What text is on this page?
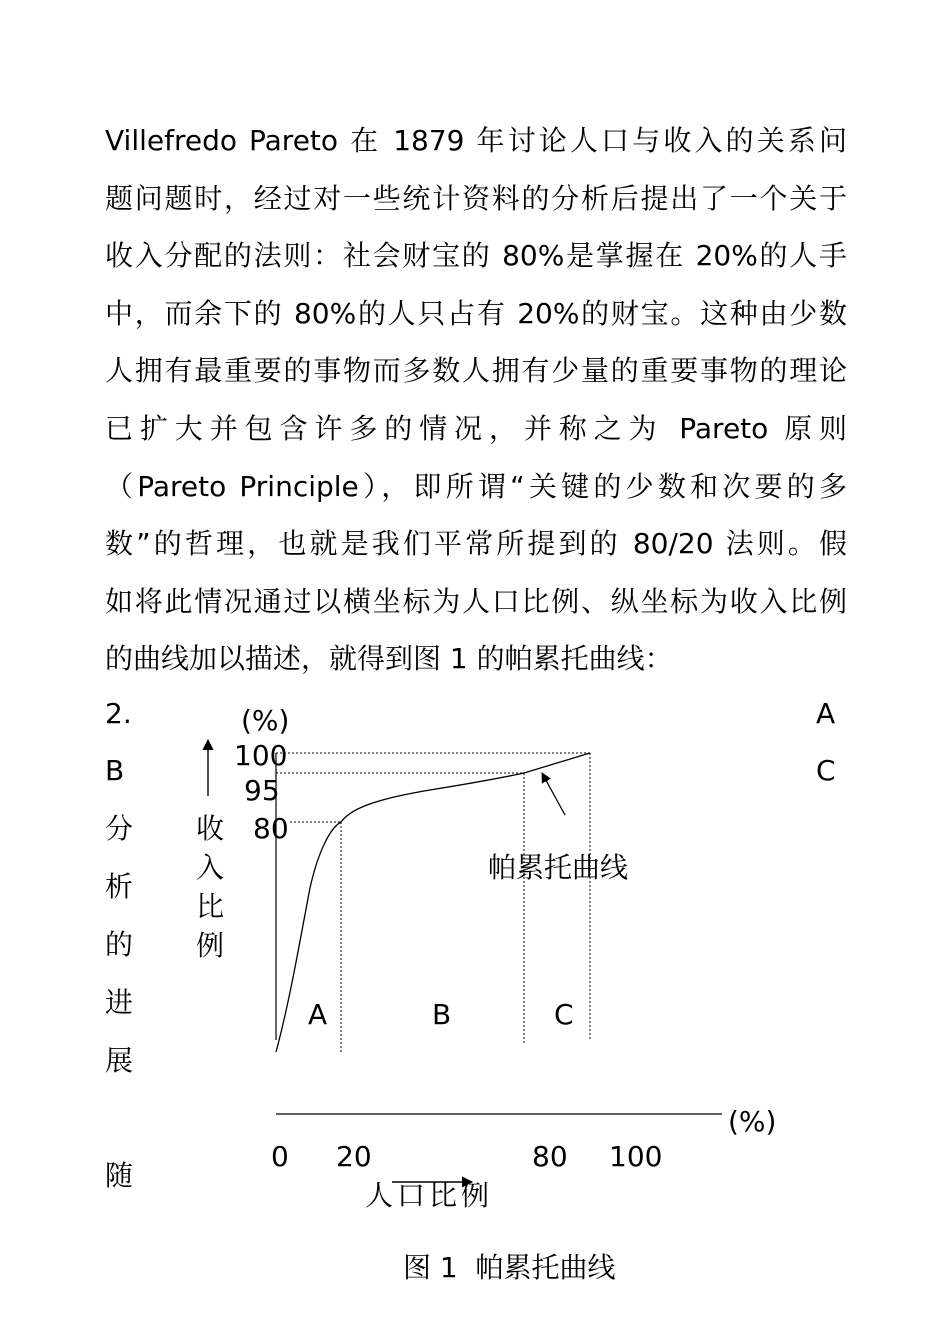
Villefredo Pareto 在 1879 年讨论人口与收入的关系问
题问题时，经过对一些统计资料的分析后提出了一个关于
收入分配的法则：社会财宝的 80%是掌握在 20%的人手
中，而余下的 80%的人只占有 20%的财宝。这种由少数
人拥有最重要的事物而多数人拥有少量的重要事物的理论
已扩大并包含许多的情况，并称之为 Pareto 原则
（Pareto Principle），即所谓“关键的少数和次要的多
数”的哲理，也就是我们平常所提到的 80/20 法则。假
如将此情况通过以横坐标为人口比例、纵坐标为收入比例
的曲线加以描述，就得到图 1 的帕累托曲线：
2.
B
分
析
的
进
展
随
A
C
(%)
100
95
80
收
入
比
例
A	B	C
帕累托曲线
(%)
0 20	80 100
人口比例
图 1 帕累托曲线
